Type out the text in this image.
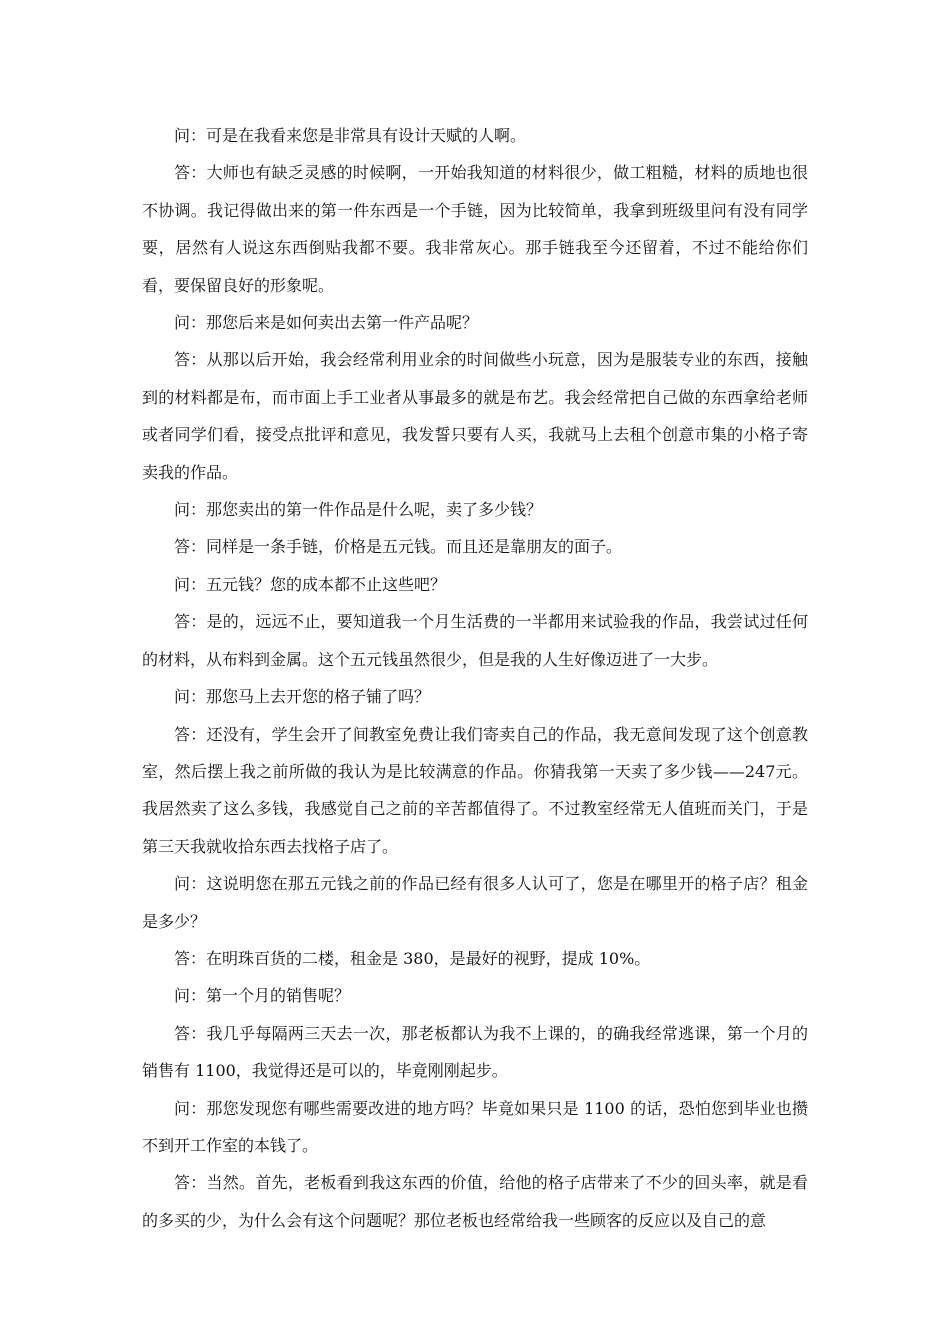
问：可是在我看来您是非常具有设计天赋的人啊。

答：大师也有缺乏灵感的时候啊，一开始我知道的材料很少，做工粗糙，材料的质地也很不协调。我记得做出来的第一件东西是一个手链，因为比较简单，我拿到班级里问有没有同学要，居然有人说这东西倒贴我都不要。我非常灰心。那手链我至今还留着，不过不能给你们看，要保留良好的形象呢。

问：那您后来是如何卖出去第一件产品呢？

答：从那以后开始，我会经常利用业余的时间做些小玩意，因为是服装专业的东西，接触到的材料都是布，而市面上手工业者从事最多的就是布艺。我会经常把自己做的东西拿给老师或者同学们看，接受点批评和意见，我发誓只要有人买，我就马上去租个创意市集的小格子寄卖我的作品。

问：那您卖出的第一件作品是什么呢，卖了多少钱？

答：同样是一条手链，价格是五元钱。而且还是靠朋友的面子。

问：五元钱？您的成本都不止这些吧？

答：是的，远远不止，要知道我一个月生活费的一半都用来试验我的作品，我尝试过任何的材料，从布料到金属。这个五元钱虽然很少，但是我的人生好像迈进了一大步。

问：那您马上去开您的格子铺了吗？

答：还没有，学生会开了间教室免费让我们寄卖自己的作品，我无意间发现了这个创意教室，然后摆上我之前所做的我认为是比较满意的作品。你猜我第一天卖了多少钱——247元。我居然卖了这么多钱，我感觉自己之前的辛苦都值得了。不过教室经常无人值班而关门，于是第三天我就收拾东西去找格子店了。

问：这说明您在那五元钱之前的作品已经有很多人认可了，您是在哪里开的格子店？租金是多少？

答：在明珠百货的二楼，租金是 380，是最好的视野，提成 10%。

问：第一个月的销售呢？

答：我几乎每隔两三天去一次，那老板都认为我不上课的，的确我经常逃课，第一个月的销售有 1100，我觉得还是可以的，毕竟刚刚起步。

问：那您发现您有哪些需要改进的地方吗？毕竟如果只是 1100 的话，恐怕您到毕业也攒不到开工作室的本钱了。

答：当然。首先，老板看到我这东西的价值，给他的格子店带来了不少的回头率，就是看的多买的少，为什么会有这个问题呢？那位老板也经常给我一些顾客的反应以及自己的意
